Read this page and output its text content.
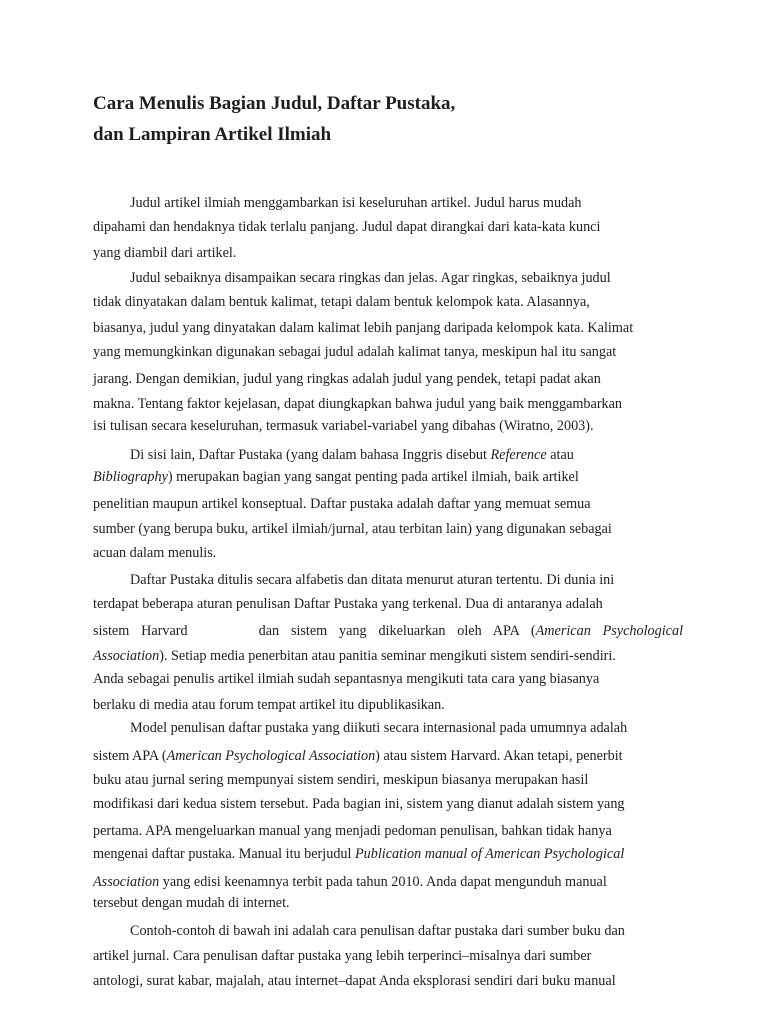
Cara Menulis Bagian Judul, Daftar Pustaka,
dan Lampiran Artikel Ilmiah
Judul artikel ilmiah menggambarkan isi keseluruhan artikel. Judul harus mudah
dipahami dan hendaknya tidak terlalu panjang. Judul dapat dirangkai dari kata-kata kunci
yang diambil dari artikel.
Judul sebaiknya disampaikan secara ringkas dan jelas. Agar ringkas, sebaiknya judul
tidak dinyatakan dalam bentuk kalimat, tetapi dalam bentuk kelompok kata. Alasannya,
biasanya, judul yang dinyatakan dalam kalimat lebih panjang daripada kelompok kata. Kalimat
yang memungkinkan digunakan sebagai judul adalah kalimat tanya, meskipun hal itu sangat
jarang. Dengan demikian, judul yang ringkas adalah judul yang pendek, tetapi padat akan
makna. Tentang faktor kejelasan, dapat diungkapkan bahwa judul yang baik menggambarkan
isi tulisan secara keseluruhan, termasuk variabel-variabel yang dibahas (Wiratno, 2003).
Di sisi lain, Daftar Pustaka (yang dalam bahasa Inggris disebut Reference atau
Bibliography) merupakan bagian yang sangat penting pada artikel ilmiah, baik artikel
penelitian maupun artikel konseptual. Daftar pustaka adalah daftar yang memuat semua
sumber (yang berupa buku, artikel ilmiah/jurnal, atau terbitan lain) yang digunakan sebagai
acuan dalam menulis.
Daftar Pustaka ditulis secara alfabetis dan ditata menurut aturan tertentu. Di dunia ini
terdapat beberapa aturan penulisan Daftar Pustaka yang terkenal. Dua di antaranya adalah
sistem Harvard      dan sistem yang dikeluarkan oleh APA (American Psychological
Association). Setiap media penerbitan atau panitia seminar mengikuti sistem sendiri-sendiri.
Anda sebagai penulis artikel ilmiah sudah sepantasnya mengikuti tata cara yang biasanya
berlaku di media atau forum tempat artikel itu dipublikasikan.
Model penulisan daftar pustaka yang diikuti secara internasional pada umumnya adalah
sistem APA (American Psychological Association) atau sistem Harvard. Akan tetapi, penerbit
buku atau jurnal sering mempunyai sistem sendiri, meskipun biasanya merupakan hasil
modifikasi dari kedua sistem tersebut. Pada bagian ini, sistem yang dianut adalah sistem yang
pertama. APA mengeluarkan manual yang menjadi pedoman penulisan, bahkan tidak hanya
mengenai daftar pustaka. Manual itu berjudul Publication manual of American Psychological
Association yang edisi keenamnya terbit pada tahun 2010. Anda dapat mengunduh manual
tersebut dengan mudah di internet.
Contoh-contoh di bawah ini adalah cara penulisan daftar pustaka dari sumber buku dan
artikel jurnal. Cara penulisan daftar pustaka yang lebih terperinci–misalnya dari sumber
antologi, surat kabar, majalah, atau internet–dapat Anda eksplorasi sendiri dari buku manual
